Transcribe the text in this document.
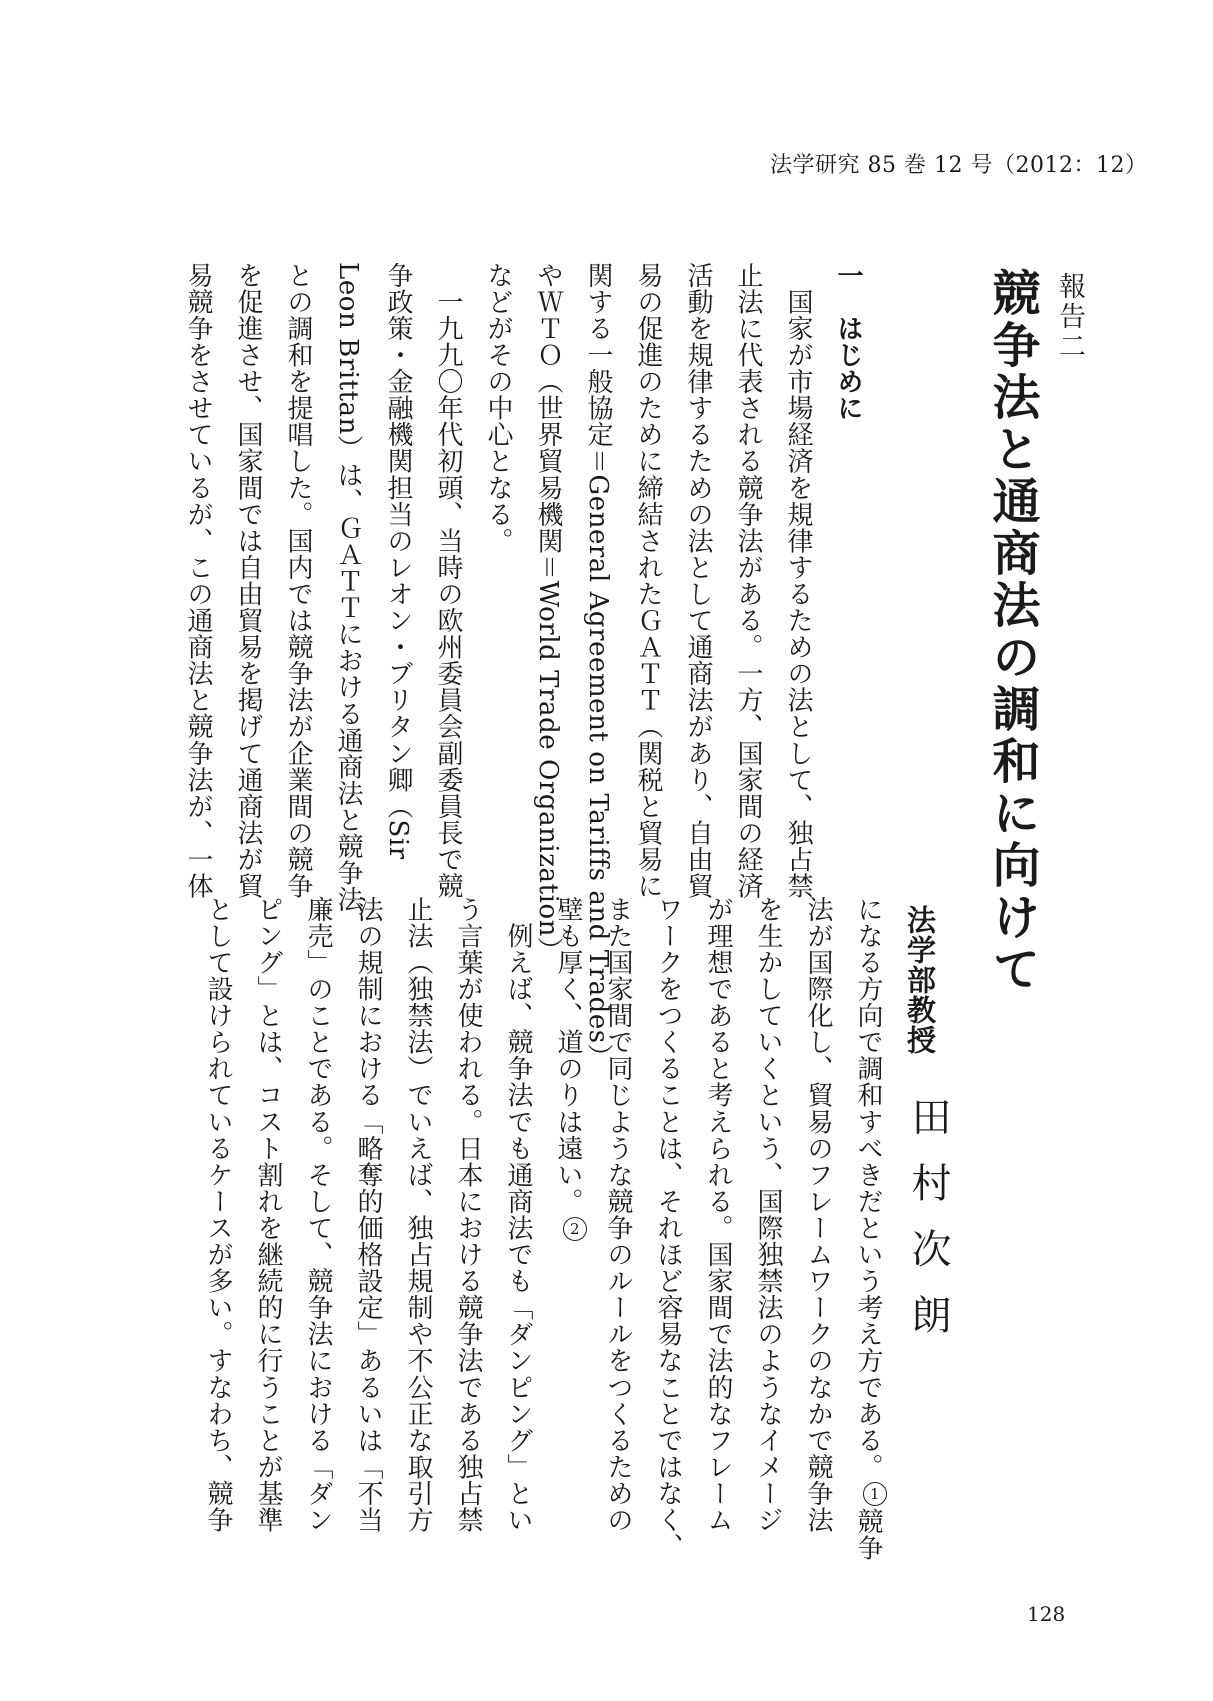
法学研究 85 巻 12 号（2012：12）
報告二
競争法と通商法の調和に向けて
法学部教授
田村次朗
一　はじめに
　国家が市場経済を規律するための法として、独占禁
止法に代表される競争法がある。一方、国家間の経済
活動を規律するための法として通商法があり、自由貿
易の促進のために締結されたＧＡＴＴ（関税と貿易に
関する一般協定＝General Agreement on Tariffs and Trades）
やＷＴＯ（世界貿易機関＝World Trade Organization）
などがその中心となる。
　一九九〇年代初頭、当時の欧州委員会副委員長で競
争政策・金融機関担当のレオン・ブリタン卿（Sir
Leon Brittan）は、ＧＡＴＴにおける通商法と競争法
との調和を提唱した。国内では競争法が企業間の競争
を促進させ、国家間では自由貿易を掲げて通商法が貿
易競争をさせているが、この通商法と競争法が、一体
になる方向で調和すべきだという考え方である。1競争
法が国際化し、貿易のフレームワークのなかで競争法
を生かしていくという、国際独禁法のようなイメージ
が理想であると考えられる。国家間で法的なフレーム
ワークをつくることは、それほど容易なことではなく、
また国家間で同じような競争のルールをつくるための
壁も厚く、道のりは遠い。2
　例えば、競争法でも通商法でも「ダンピング」とい
う言葉が使われる。日本における競争法である独占禁
止法（独禁法）でいえば、独占規制や不公正な取引方
法の規制における「略奪的価格設定」あるいは「不当
廉売」のことである。そして、競争法における「ダン
ピング」とは、コスト割れを継続的に行うことが基準
として設けられているケースが多い。すなわち、競争
128
